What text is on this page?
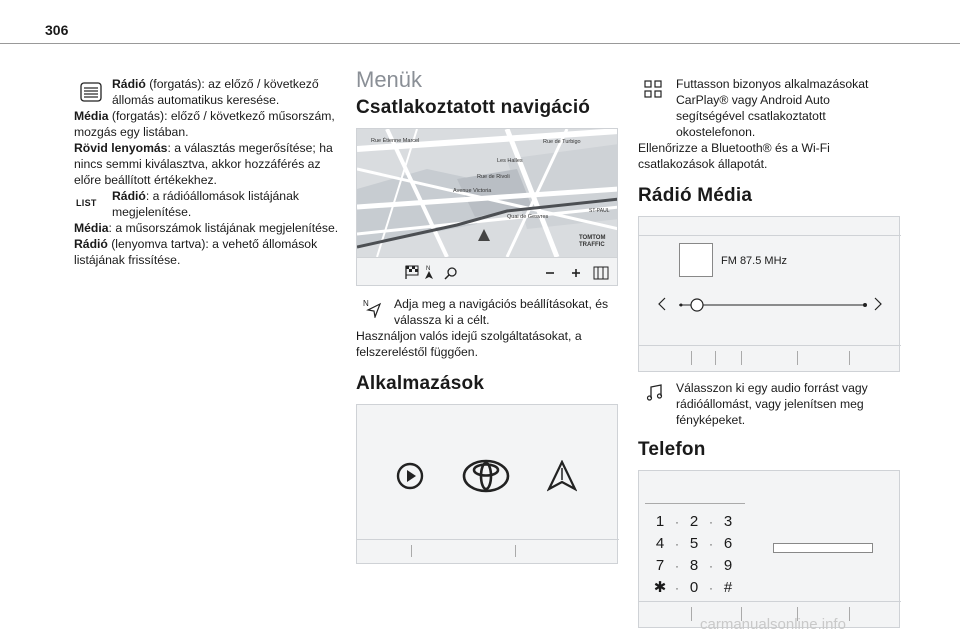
306
Rádió (forgatás): az előző / következő állomás automatikus keresése.
Média (forgatás): előző / következő műsorszám, mozgás egy listában.
Rövid lenyomás: a választás megerősítése; ha nincs semmi kiválasztva, akkor hozzáférés az előre beállított értékekhez.
LIST	Rádió: a rádióállomások listájának megjelenítése.
Média: a műsorszámok listájának megjelenítése.
Rádió (lenyomva tartva): a vehető állomások listájának frissítése.
Menük
Csatlakoztatott navigáció
Rue Étienne Marcel	Rue de Turbigo
Les Halles
Rue de Rivoli
Avenue Victoria
Quai de Gesvres
ST-PAUL
TOMTOM TRAFFIC
N
N Adja meg a navigációs beállításokat, és válassza ki a célt.
Használjon valós idejű szolgáltatásokat, a felszereléstől függően.
Alkalmazások
Futtasson bizonyos alkalmazásokat CarPlay® vagy Android Auto segítségével csatlakoztatott okostelefonon.
Ellenőrizze a Bluetooth® és a Wi-Fi csatlakozások állapotát.
Rádió Média
FM 87.5 MHz
Válasszon ki egy audio forrást vagy rádióállomást, vagy jelenítsen meg fényképeket.
Telefon
1 · 2 · 3
4 · 5 · 6
7 · 8 · 9
✱ · 0 · #
carmanualsonline.info
